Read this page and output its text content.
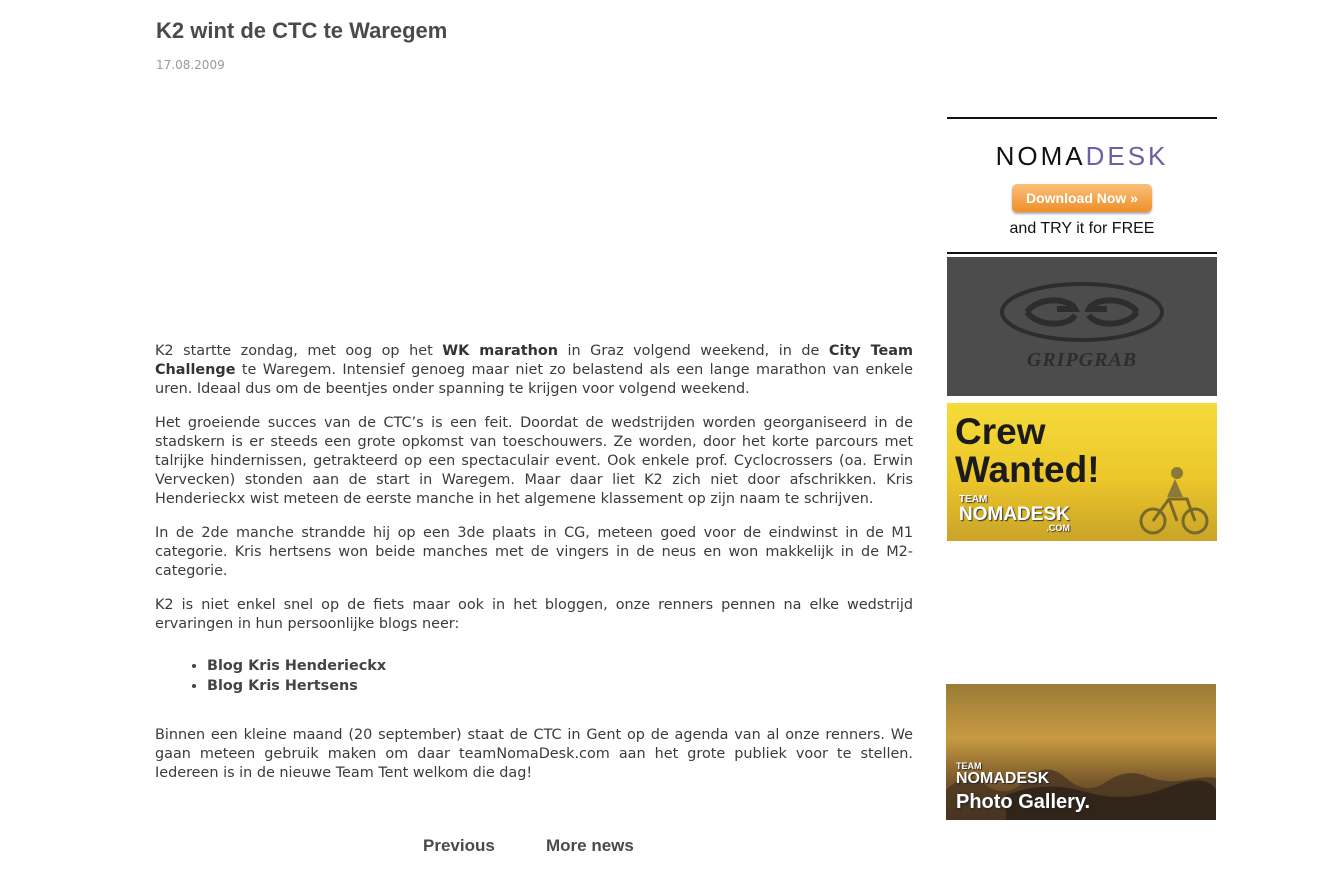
K2 wint de CTC te Waregem
17.08.2009

K2 startte zondag, met oog op het WK marathon in Graz volgend weekend, in de City Team Challenge te Waregem. Intensief genoeg maar niet zo belastend als een lange marathon van enkele uren. Ideaal dus om de beentjes onder spanning te krijgen voor volgend weekend.

Het groeiende succes van de CTC’s is een feit. Doordat de wedstrijden worden georganiseerd in de stadskern is er steeds een grote opkomst van toeschouwers. Ze worden, door het korte parcours met talrijke hindernissen, getrakteerd op een spectaculair event. Ook enkele prof. Cyclocrossers (oa. Erwin Vervecken) stonden aan de start in Waregem. Maar daar liet K2 zich niet door afschrikken. Kris Henderieckx wist meteen de eerste manche in het algemene klassement op zijn naam te schrijven.

In de 2de manche strandde hij op een 3de plaats in CG, meteen goed voor de eindwinst in de M1 categorie. Kris hertsens won beide manches met de vingers in de neus en won makkelijk in de M2-categorie.

K2 is niet enkel snel op de fiets maar ook in het bloggen, onze renners pennen na elke wedstrijd ervaringen in hun persoonlijke blogs neer:

• Blog Kris Henderieckx
• Blog Kris Hertsens

Binnen een kleine maand (20 september) staat de CTC in Gent op de agenda van al onze renners. We gaan meteen gebruik maken om daar teamNomaDesk.com aan het grote publiek voor te stellen. Iedereen is in de nieuwe Team Tent welkom die dag!

Previous	More news
NOMADESK
Download Now »
and TRY it for FREE
GRIPGRAB
Crew
Wanted!
TEAM
NOMADESK
.COM
TEAM
NOMADESK
Photo Gallery.
